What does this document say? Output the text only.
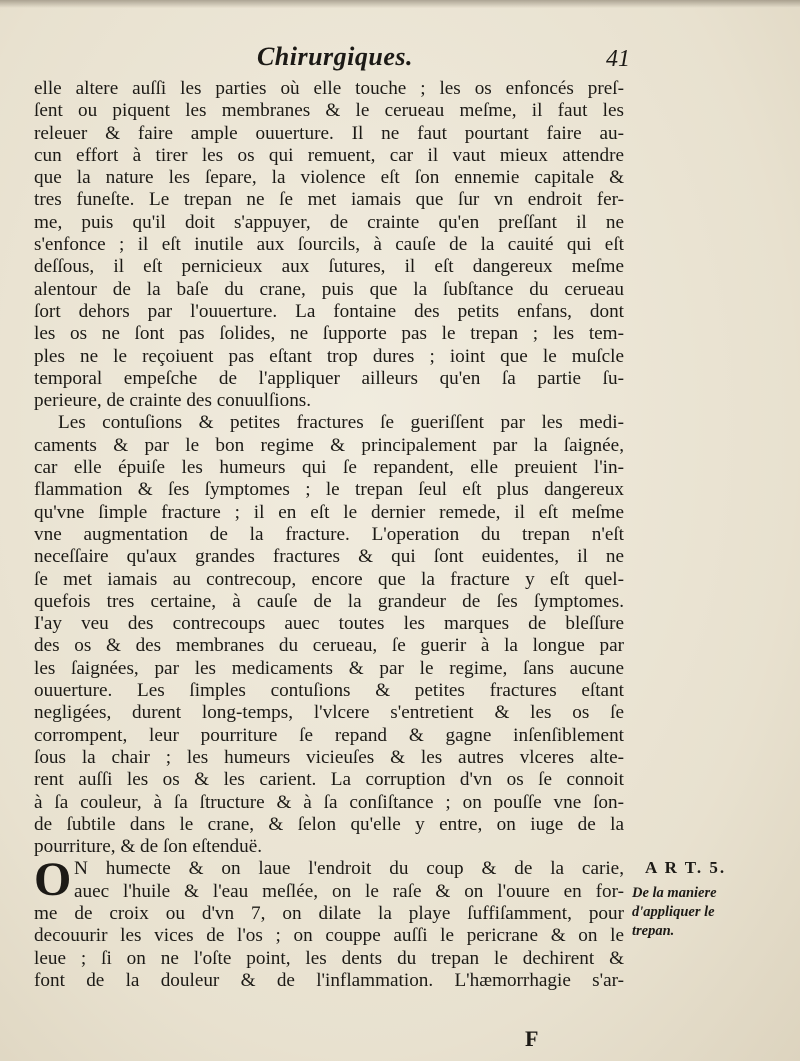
Chirurgiques.	41
elle altere auſſi les parties où elle touche ; les os enfoncés preſ-
ſent ou piquent les membranes & le cerueau meſme, il faut les
releuer & faire ample ouuerture. Il ne faut pourtant faire au-
cun effort à tirer les os qui remuent, car il vaut mieux attendre
que la nature les ſepare, la violence eſt ſon ennemie capitale &
tres funeſte. Le trepan ne ſe met iamais que ſur vn endroit fer-
me, puis qu'il doit s'appuyer, de crainte qu'en preſſant il ne
s'enfonce ; il eſt inutile aux ſourcils, à cauſe de la cauité qui eſt
deſſous, il eſt pernicieux aux ſutures, il eſt dangereux meſme
alentour de la baſe du crane, puis que la ſubſtance du cerueau
ſort dehors par l'ouuerture. La fontaine des petits enfans, dont
les os ne ſont pas ſolides, ne ſupporte pas le trepan ; les tem-
ples ne le reçoiuent pas eſtant trop dures ; ioint que le muſcle
temporal empeſche de l'appliquer ailleurs qu'en ſa partie ſu-
perieure, de crainte des conuulſions.
Les contuſions & petites fractures ſe gueriſſent par les medi-
caments & par le bon regime & principalement par la ſaignée,
car elle épuiſe les humeurs qui ſe repandent, elle preuient l'in-
flammation & ſes ſymptomes ; le trepan ſeul eſt plus dangereux
qu'vne ſimple fracture ; il en eſt le dernier remede, il eſt meſme
vne augmentation de la fracture. L'operation du trepan n'eſt
neceſſaire qu'aux grandes fractures & qui ſont euidentes, il ne
ſe met iamais au contrecoup, encore que la fracture y eſt quel-
quefois tres certaine, à cauſe de la grandeur de ſes ſymptomes.
I'ay veu des contrecoups auec toutes les marques de bleſſure
des os & des membranes du cerueau, ſe guerir à la longue par
les ſaignées, par les medicaments & par le regime, ſans aucune
ouuerture. Les ſimples contuſions & petites fractures eſtant
negligées, durent long-temps, l'vlcere s'entretient & les os ſe
corrompent, leur pourriture ſe repand & gagne inſenſiblement
ſous la chair ; les humeurs vicieuſes & les autres vlceres alte-
rent auſſi les os & les carient. La corruption d'vn os ſe connoit
à ſa couleur, à ſa ſtructure & à ſa conſiſtance ; on pouſſe vne ſon-
de ſubtile dans le crane, & ſelon qu'elle y entre, on iuge de la
pourriture, & de ſon eſtenduë.
O N humecte & on laue l'endroit du coup & de la carie,
auec l'huile & l'eau meſlée, on le raſe & on l'ouure en for-
me de croix ou d'vn 7, on dilate la playe ſuffiſamment, pour
decouurir les vices de l'os ; on couppe auſſi le pericrane & on le
leue ; ſi on ne l'oſte point, les dents du trepan le dechirent &
font de la douleur & de l'inflammation. L'hæmorrhagie s'ar-
A R T. 5.
De la maniere
d'appliquer le
trepan.
F
